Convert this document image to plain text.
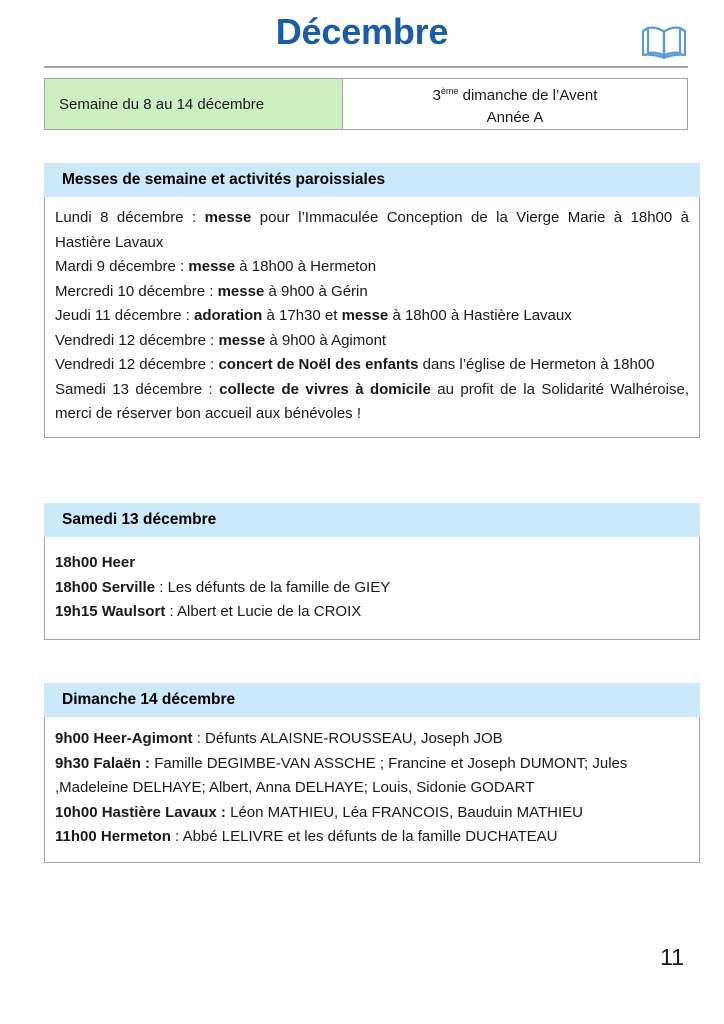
Décembre
Semaine du 8 au 14 décembre
3ème dimanche de l’Avent
Année A
Messes de semaine et activités paroissiales

Lundi 8 décembre : messe pour l’Immaculée Conception de la Vierge Marie à 18h00 à Hastière Lavaux
Mardi 9 décembre : messe à 18h00 à Hermeton
Mercredi 10 décembre : messe à 9h00 à Gérin
Jeudi 11 décembre : adoration à 17h30 et messe à 18h00 à Hastière Lavaux
Vendredi 12 décembre : messe à 9h00 à Agimont
Vendredi 12 décembre : concert de Noël des enfants dans l’église de Hermeton à 18h00
Samedi 13 décembre : collecte de vivres à domicile au profit de la Solidarité Walhéroise, merci de réserver bon accueil aux bénévoles !

Samedi 13 décembre

18h00 Heer
18h00 Serville : Les défunts de la famille de GIEY
19h15 Waulsort : Albert et Lucie de la CROIX

Dimanche 14 décembre

9h00 Heer-Agimont : Défunts ALAISNE-ROUSSEAU, Joseph JOB
9h30 Falaën : Famille DEGIMBE-VAN ASSCHE ; Francine et Joseph DUMONT; Jules ,Madeleine DELHAYE; Albert, Anna DELHAYE; Louis, Sidonie GODART
10h00 Hastière Lavaux : Léon MATHIEU, Léa FRANCOIS, Bauduin MATHIEU
11h00 Hermeton : Abbé LELIVRE et les défunts de la famille DUCHATEAU

11
